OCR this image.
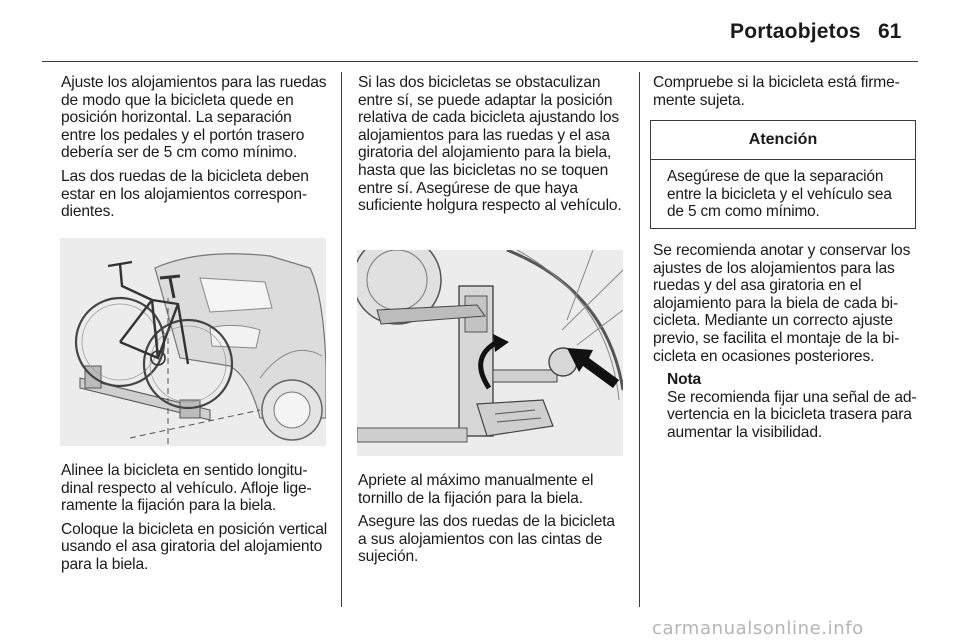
Portaobjetos 61

Ajuste los alojamientos para las ruedas de modo que la bicicleta quede en posición horizontal. La separación entre los pedales y el portón trasero debería ser de 5 cm como mínimo.

Las dos ruedas de la bicicleta deben estar en los alojamientos correspondientes.

Alinee la bicicleta en sentido longitudinal respecto al vehículo. Afloje ligeramente la fijación para la biela.

Coloque la bicicleta en posición vertical usando el asa giratoria del alojamiento para la biela.

Si las dos bicicletas se obstaculizan entre sí, se puede adaptar la posición relativa de cada bicicleta ajustando los alojamientos para las ruedas y el asa giratoria del alojamiento para la biela, hasta que las bicicletas no se toquen entre sí. Asegúrese de que haya suficiente holgura respecto al vehículo.

Apriete al máximo manualmente el tornillo de la fijación para la biela.

Asegure las dos ruedas de la bicicleta a sus alojamientos con las cintas de sujeción.

Compruebe si la bicicleta está firmemente sujeta.

Atención
Asegúrese de que la separación entre la bicicleta y el vehículo sea de 5 cm como mínimo.

Se recomienda anotar y conservar los ajustes de los alojamientos para las ruedas y del asa giratoria en el alojamiento para la biela de cada bicicleta. Mediante un correcto ajuste previo, se facilita el montaje de la bicicleta en ocasiones posteriores.

Nota
Se recomienda fijar una señal de advertencia en la bicicleta trasera para aumentar la visibilidad.
carmanualsonline.info
